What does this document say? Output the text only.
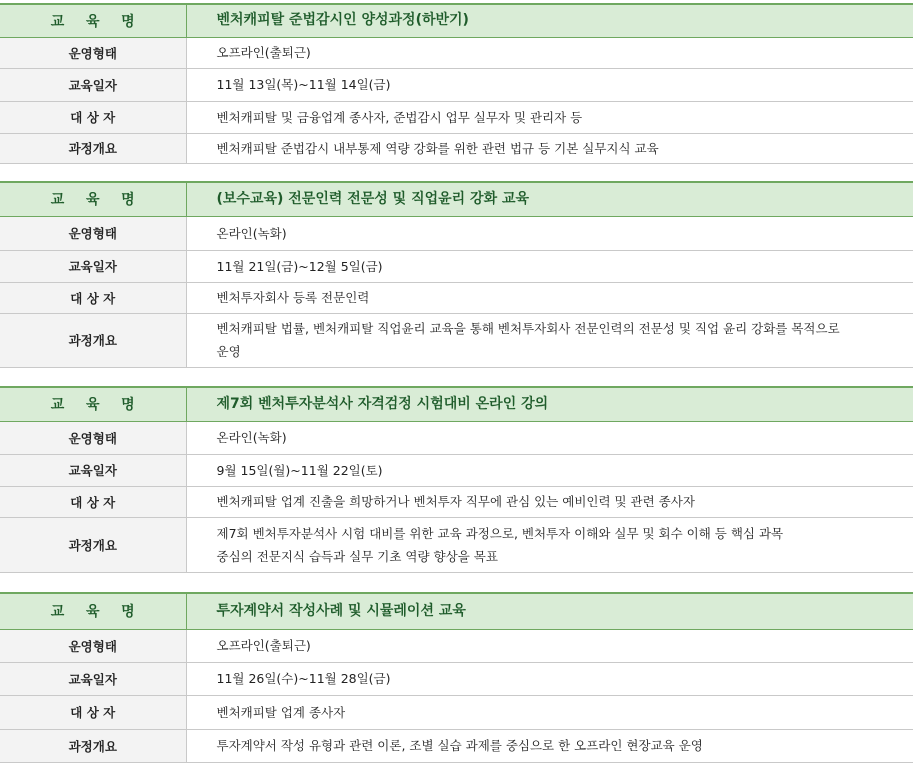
교 육 명	벤처캐피탈 준법감시인 양성과정(하반기)
운영형태	오프라인(출퇴근)
교육일자	11월 13일(목)~11월 14일(금)
대 상 자	벤처캐피탈 및 금융업계 종사자, 준법감시 업무 실무자 및 관리자 등
과정개요	벤처캐피탈 준법감시 내부통제 역량 강화를 위한 관련 법규 등 기본 실무지식 교육
교 육 명	(보수교육) 전문인력 전문성 및 직업윤리 강화 교육
운영형태	온라인(녹화)
교육일자	11월 21일(금)~12월 5일(금)
대 상 자	벤처투자회사 등록 전문인력
과정개요	벤처캐피탈 법률, 벤처캐피탈 직업윤리 교육을 통해 벤처투자회사 전문인력의 전문성 및 직업 윤리 강화를 목적으로
운영
교 육 명	제7회 벤처투자분석사 자격검정 시험대비 온라인 강의
운영형태	온라인(녹화)
교육일자	9월 15일(월)~11월 22일(토)
대 상 자	벤처캐피탈 업계 진출을 희망하거나 벤처투자 직무에 관심 있는 예비인력 및 관련 종사자
과정개요	제7회 벤처투자분석사 시험 대비를 위한 교육 과정으로, 벤처투자 이해와 실무 및 회수 이해 등 핵심 과목
중심의 전문지식 습득과 실무 기초 역량 향상을 목표
교 육 명	투자계약서 작성사례 및 시뮬레이션 교육
운영형태	오프라인(출퇴근)
교육일자	11월 26일(수)~11월 28일(금)
대 상 자	벤처캐피탈 업계 종사자
과정개요	투자계약서 작성 유형과 관련 이론, 조별 실습 과제를 중심으로 한 오프라인 현장교육 운영
